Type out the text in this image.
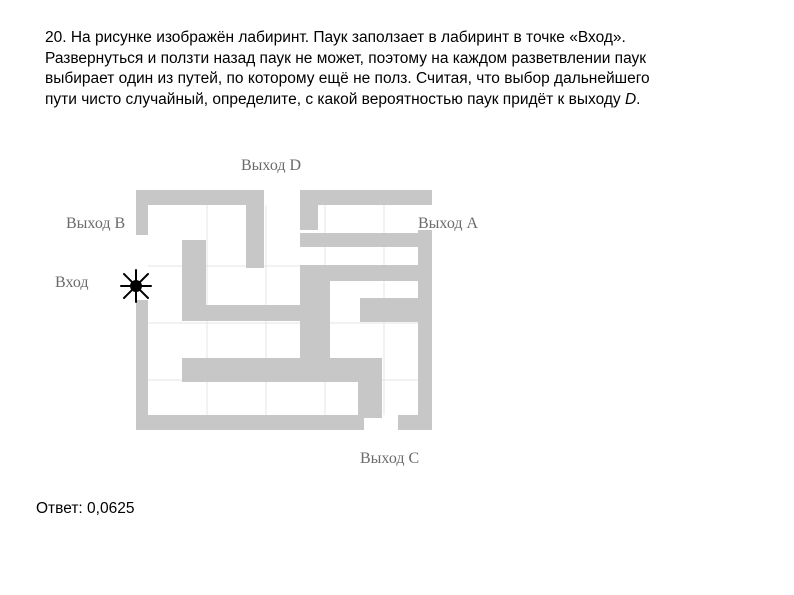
20. На рисунке изображён лабиринт. Паук заползает в лабиринт в точке «Вход».
Развернуться и ползти назад паук не может, поэтому на каждом разветвлении паук
выбирает один из путей, по которому ещё не полз. Считая, что выбор дальнейшего
пути чисто случайный, определите, с какой вероятностью паук придёт к выходу D.
Выход D
Выход В	Выход А
Вход
Выход С

Ответ: 0,0625
